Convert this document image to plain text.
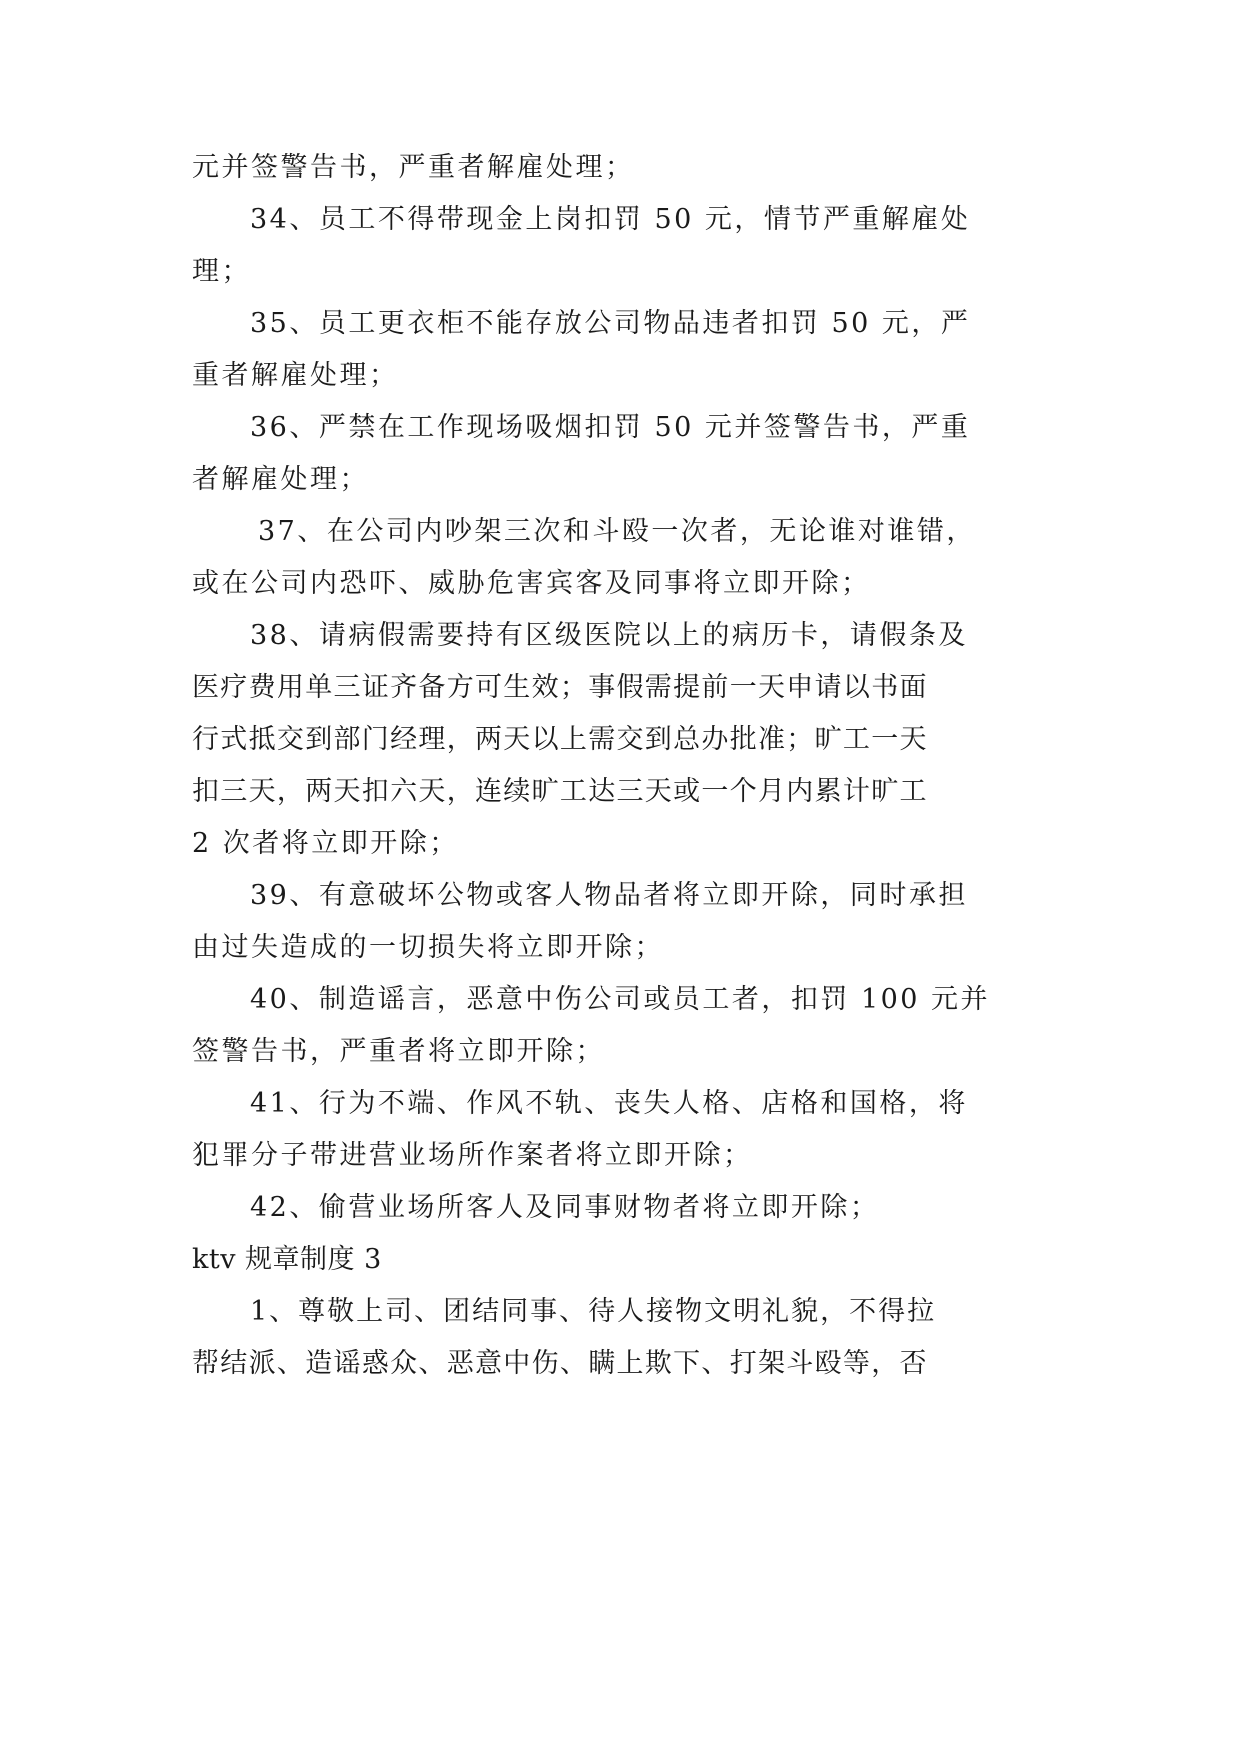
元并签警告书，严重者解雇处理；
34、员工不得带现金上岗扣罚 50 元，情节严重解雇处
理；
35、员工更衣柜不能存放公司物品违者扣罚 50 元，严
重者解雇处理；
36、严禁在工作现场吸烟扣罚 50 元并签警告书，严重
者解雇处理；
37、在公司内吵架三次和斗殴一次者，无论谁对谁错，
或在公司内恐吓、威胁危害宾客及同事将立即开除；
38、请病假需要持有区级医院以上的病历卡，请假条及
医疗费用单三证齐备方可生效；事假需提前一天申请以书面
行式抵交到部门经理，两天以上需交到总办批准；旷工一天
扣三天，两天扣六天，连续旷工达三天或一个月内累计旷工
2 次者将立即开除；
39、有意破坏公物或客人物品者将立即开除，同时承担
由过失造成的一切损失将立即开除；
40、制造谣言，恶意中伤公司或员工者，扣罚 100 元并
签警告书，严重者将立即开除；
41、行为不端、作风不轨、丧失人格、店格和国格，将
犯罪分子带进营业场所作案者将立即开除；
42、偷营业场所客人及同事财物者将立即开除；
ktv 规章制度 3
1、尊敬上司、团结同事、待人接物文明礼貌，不得拉
帮结派、造谣惑众、恶意中伤、瞒上欺下、打架斗殴等，否
